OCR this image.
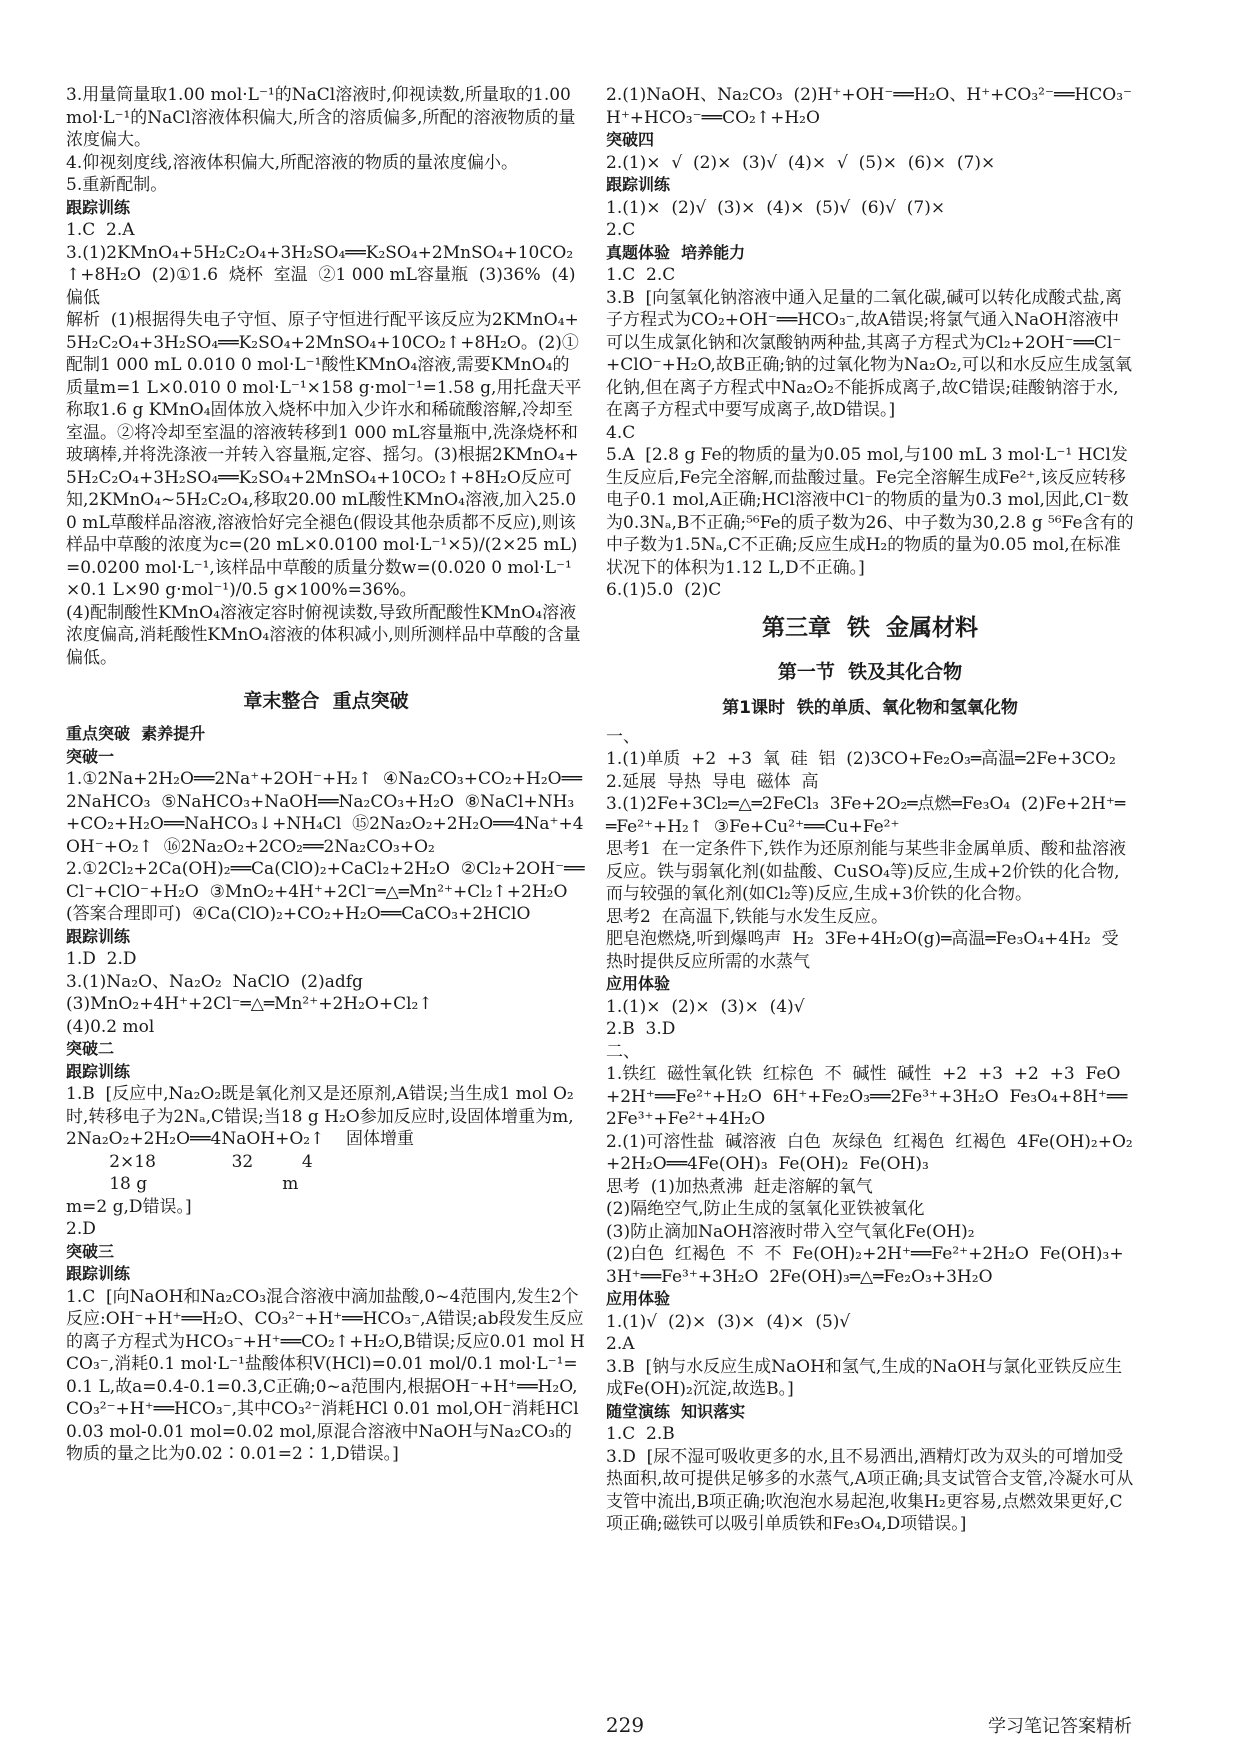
3.用量筒量取1.00 mol·L⁻¹的NaCl溶液时,仰视读数,所量取的1.00 mol·L⁻¹的NaCl溶液体积偏大,所含的溶质偏多,所配的溶液物质的量浓度偏大。
4.仰视刻度线,溶液体积偏大,所配溶液的物质的量浓度偏小。
5.重新配制。
跟踪训练
1.C  2.A
3.(1)2KMnO₄+5H₂C₂O₄+3H₂SO₄══K₂SO₄+2MnSO₄+10CO₂↑+8H₂O  (2)①1.6  烧杯  室温  ②1 000 mL容量瓶  (3)36%  (4)偏低
解析  (1)根据得失电子守恒、原子守恒进行配平该反应为2KMnO₄+5H₂C₂O₄+3H₂SO₄══K₂SO₄+2MnSO₄+10CO₂↑+8H₂O。(2)①配制1 000 mL 0.010 0 mol·L⁻¹酸性KMnO₄溶液,需要KMnO₄的质量m=1 L×0.010 0 mol·L⁻¹×158 g·mol⁻¹=1.58 g,用托盘天平称取1.6 g KMnO₄固体放入烧杯中加入少许水和稀硫酸溶解,冷却至室温。②将冷却至室温的溶液转移到1 000 mL容量瓶中,洗涤烧杯和玻璃棒,并将洗涤液一并转入容量瓶,定容、摇匀。(3)根据2KMnO₄+5H₂C₂O₄+3H₂SO₄══K₂SO₄+2MnSO₄+10CO₂↑+8H₂O反应可知,2KMnO₄~5H₂C₂O₄,移取20.00 mL酸性KMnO₄溶液,加入25.00 mL草酸样品溶液,溶液恰好完全褪色(假设其他杂质都不反应),则该样品中草酸的浓度为c=(20 mL×0.0100 mol·L⁻¹×5)/(2×25 mL)=0.0200 mol·L⁻¹,该样品中草酸的质量分数w=(0.020 0 mol·L⁻¹×0.1 L×90 g·mol⁻¹)/0.5 g×100%=36%。
(4)配制酸性KMnO₄溶液定容时俯视读数,导致所配酸性KMnO₄溶液浓度偏高,消耗酸性KMnO₄溶液的体积减小,则所测样品中草酸的含量偏低。
章末整合  重点突破
重点突破  素养提升
突破一
1.①2Na+2H₂O══2Na⁺+2OH⁻+H₂↑  ④Na₂CO₃+CO₂+H₂O══2NaHCO₃  ⑤NaHCO₃+NaOH══Na₂CO₃+H₂O  ⑧NaCl+NH₃+CO₂+H₂O══NaHCO₃↓+NH₄Cl  ⑮2Na₂O₂+2H₂O══4Na⁺+4OH⁻+O₂↑  ⑯2Na₂O₂+2CO₂══2Na₂CO₃+O₂
2.①2Cl₂+2Ca(OH)₂══Ca(ClO)₂+CaCl₂+2H₂O  ②Cl₂+2OH⁻══Cl⁻+ClO⁻+H₂O  ③MnO₂+4H⁺+2Cl⁻═△═Mn²⁺+Cl₂↑+2H₂O(答案合理即可)  ④Ca(ClO)₂+CO₂+H₂O══CaCO₃+2HClO
跟踪训练
1.D  2.D
3.(1)Na₂O、Na₂O₂  NaClO  (2)adfg
(3)MnO₂+4H⁺+2Cl⁻═△═Mn²⁺+2H₂O+Cl₂↑
(4)0.2 mol
突破二
跟踪训练
1.B  [反应中,Na₂O₂既是氧化剂又是还原剂,A错误;当生成1 mol O₂时,转移电子为2Nₐ,C错误;当18 g H₂O参加反应时,设固体增重为m,
2Na₂O₂+2H₂O══4NaOH+O₂↑    固体增重
2×18              32         4
18 g                         m
m=2 g,D错误。]
2.D
突破三
跟踪训练
1.C  [向NaOH和Na₂CO₃混合溶液中滴加盐酸,0~4范围内,发生2个反应:OH⁻+H⁺══H₂O、CO₃²⁻+H⁺══HCO₃⁻,A错误;ab段发生反应的离子方程式为HCO₃⁻+H⁺══CO₂↑+H₂O,B错误;反应0.01 mol HCO₃⁻,消耗0.1 mol·L⁻¹盐酸体积V(HCl)=0.01 mol/0.1 mol·L⁻¹=0.1 L,故a=0.4-0.1=0.3,C正确;0~a范围内,根据OH⁻+H⁺══H₂O,CO₃²⁻+H⁺══HCO₃⁻,其中CO₃²⁻消耗HCl 0.01 mol,OH⁻消耗HCl 0.03 mol-0.01 mol=0.02 mol,原混合溶液中NaOH与Na₂CO₃的物质的量之比为0.02∶0.01=2∶1,D错误。]
2.(1)NaOH、Na₂CO₃  (2)H⁺+OH⁻══H₂O、H⁺+CO₃²⁻══HCO₃⁻  H⁺+HCO₃⁻══CO₂↑+H₂O
突破四
2.(1)×  √  (2)×  (3)√  (4)×  √  (5)×  (6)×  (7)×
跟踪训练
1.(1)×  (2)√  (3)×  (4)×  (5)√  (6)√  (7)×
2.C
真题体验  培养能力
1.C  2.C
3.B  [向氢氧化钠溶液中通入足量的二氧化碳,碱可以转化成酸式盐,离子方程式为CO₂+OH⁻══HCO₃⁻,故A错误;将氯气通入NaOH溶液中可以生成氯化钠和次氯酸钠两种盐,其离子方程式为Cl₂+2OH⁻══Cl⁻+ClO⁻+H₂O,故B正确;钠的过氧化物为Na₂O₂,可以和水反应生成氢氧化钠,但在离子方程式中Na₂O₂不能拆成离子,故C错误;硅酸钠溶于水,在离子方程式中要写成离子,故D错误。]
4.C
5.A  [2.8 g Fe的物质的量为0.05 mol,与100 mL 3 mol·L⁻¹ HCl发生反应后,Fe完全溶解,而盐酸过量。Fe完全溶解生成Fe²⁺,该反应转移电子0.1 mol,A正确;HCl溶液中Cl⁻的物质的量为0.3 mol,因此,Cl⁻数为0.3Nₐ,B不正确;⁵⁶Fe的质子数为26、中子数为30,2.8 g ⁵⁶Fe含有的中子数为1.5Nₐ,C不正确;反应生成H₂的物质的量为0.05 mol,在标准状况下的体积为1.12 L,D不正确。]
6.(1)5.0  (2)C
第三章  铁  金属材料
第一节  铁及其化合物
第1课时  铁的单质、氧化物和氢氧化物
一、
1.(1)单质  +2  +3  氧  硅  铝  (2)3CO+Fe₂O₃═高温═2Fe+3CO₂
2.延展  导热  导电  磁体  高
3.(1)2Fe+3Cl₂═△═2FeCl₃  3Fe+2O₂═点燃═Fe₃O₄  (2)Fe+2H⁺══Fe²⁺+H₂↑  ③Fe+Cu²⁺══Cu+Fe²⁺
思考1  在一定条件下,铁作为还原剂能与某些非金属单质、酸和盐溶液反应。铁与弱氧化剂(如盐酸、CuSO₄等)反应,生成+2价铁的化合物,而与较强的氧化剂(如Cl₂等)反应,生成+3价铁的化合物。
思考2  在高温下,铁能与水发生反应。
肥皂泡燃烧,听到爆鸣声  H₂  3Fe+4H₂O(g)═高温═Fe₃O₄+4H₂  受热时提供反应所需的水蒸气
应用体验
1.(1)×  (2)×  (3)×  (4)√
2.B  3.D
二、
1.铁红  磁性氧化铁  红棕色  不  碱性  碱性  +2  +3  +2  +3  FeO+2H⁺══Fe²⁺+H₂O  6H⁺+Fe₂O₃══2Fe³⁺+3H₂O  Fe₃O₄+8H⁺══2Fe³⁺+Fe²⁺+4H₂O
2.(1)可溶性盐  碱溶液  白色  灰绿色  红褐色  红褐色  4Fe(OH)₂+O₂+2H₂O══4Fe(OH)₃  Fe(OH)₂  Fe(OH)₃
思考  (1)加热煮沸  赶走溶解的氧气
(2)隔绝空气,防止生成的氢氧化亚铁被氧化
(3)防止滴加NaOH溶液时带入空气氧化Fe(OH)₂
(2)白色  红褐色  不  不  Fe(OH)₂+2H⁺══Fe²⁺+2H₂O  Fe(OH)₃+3H⁺══Fe³⁺+3H₂O  2Fe(OH)₃═△═Fe₂O₃+3H₂O
应用体验
1.(1)√  (2)×  (3)×  (4)×  (5)√
2.A
3.B  [钠与水反应生成NaOH和氢气,生成的NaOH与氯化亚铁反应生成Fe(OH)₂沉淀,故选B。]
随堂演练  知识落实
1.C  2.B
3.D  [尿不湿可吸收更多的水,且不易洒出,酒精灯改为双头的可增加受热面积,故可提供足够多的水蒸气,A项正确;具支试管合支管,冷凝水可从支管中流出,B项正确;吹泡泡水易起泡,收集H₂更容易,点燃效果更好,C项正确;磁铁可以吸引单质铁和Fe₃O₄,D项错误。]
229	学习笔记答案精析
